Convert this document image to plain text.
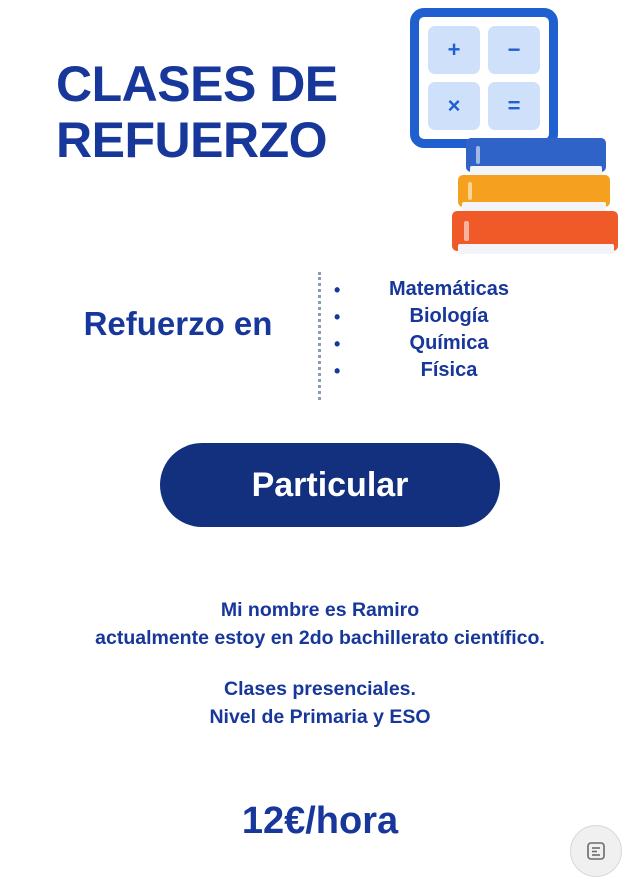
CLASES DE
REFUERZO
+	−
×	=
Refuerzo en
•	Matemáticas
•	Biología
•	Química
•	Física
Particular
Mi nombre es Ramiro
actualmente estoy en 2do bachillerato científico.
Clases presenciales.
Nivel de Primaria y ESO
12€/hora
